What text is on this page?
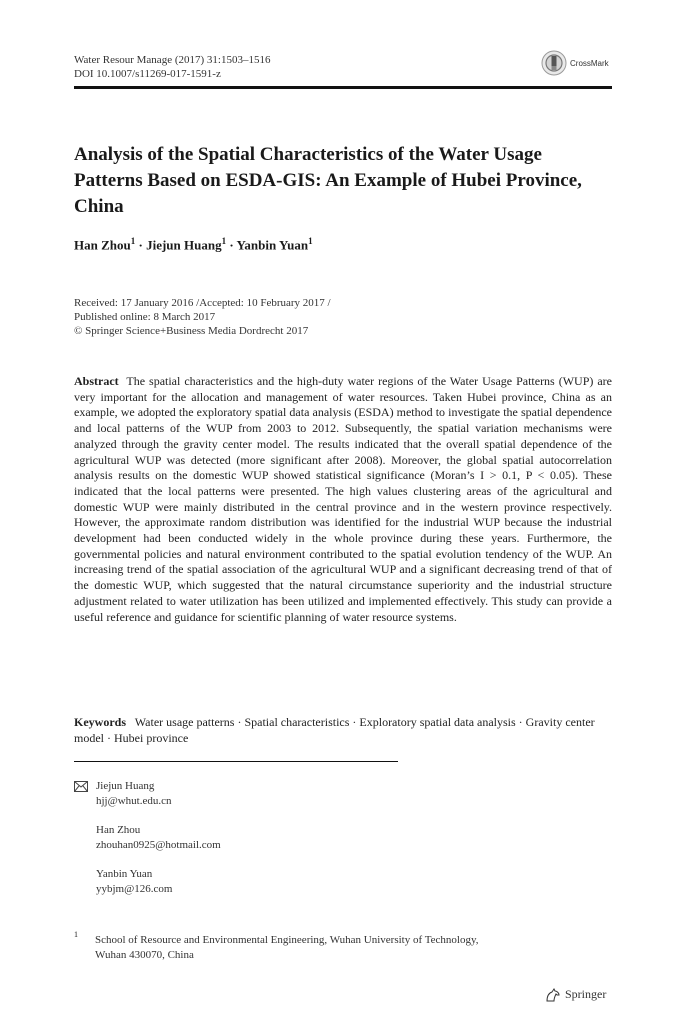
Water Resour Manage (2017) 31:1503–1516
DOI 10.1007/s11269-017-1591-z
CrossMark
Analysis of the Spatial Characteristics of the Water Usage Patterns Based on ESDA-GIS: An Example of Hubei Province, China
Han Zhou$^1$ · Jiejun Huang$^1$ · Yanbin Yuan$^1$
Received: 17 January 2016 /Accepted: 10 February 2017 /
Published online: 8 March 2017
© Springer Science+Business Media Dordrecht 2017

Abstract The spatial characteristics and the high-duty water regions of the Water Usage Patterns (WUP) are very important for the allocation and management of water resources. Taken Hubei province, China as an example, we adopted the exploratory spatial data analysis (ESDA) method to investigate the spatial dependence and local patterns of the WUP from 2003 to 2012. Subsequently, the spatial variation mechanisms were analyzed through the gravity center model. The results indicated that the overall spatial dependence of the agricultural WUP was detected (more significant after 2008). Moreover, the global spatial autocorrelation analysis results on the domestic WUP showed statistical significance (Moran’s I > 0.1, P < 0.05). These indicated that the local patterns were presented. The high values clustering areas of the agricultural and domestic WUP were mainly distributed in the central province and in the western province respectively. However, the approximate random distribution was identified for the industrial WUP because the industrial development had been conducted widely in the whole province during these years. Furthermore, the governmental policies and natural environment contributed to the spatial evolution tendency of the WUP. An increasing trend of the spatial association of the agricultural WUP and a significant decreasing trend of that of the domestic WUP, which suggested that the natural circumstance superiority and the industrial structure adjustment related to water utilization has been utilized and implemented effectively. This study can provide a useful reference and guidance for scientific planning of water resource systems.

Keywords Water usage patterns · Spatial characteristics · Exploratory spatial data analysis · Gravity center model · Hubei province

Jiejun Huang
hjj@whut.edu.cn
Han Zhou
zhouhan0925@hotmail.com
Yanbin Yuan
yybjm@126.com
1 School of Resource and Environmental Engineering, Wuhan University of Technology,
Wuhan 430070, China
Springer
